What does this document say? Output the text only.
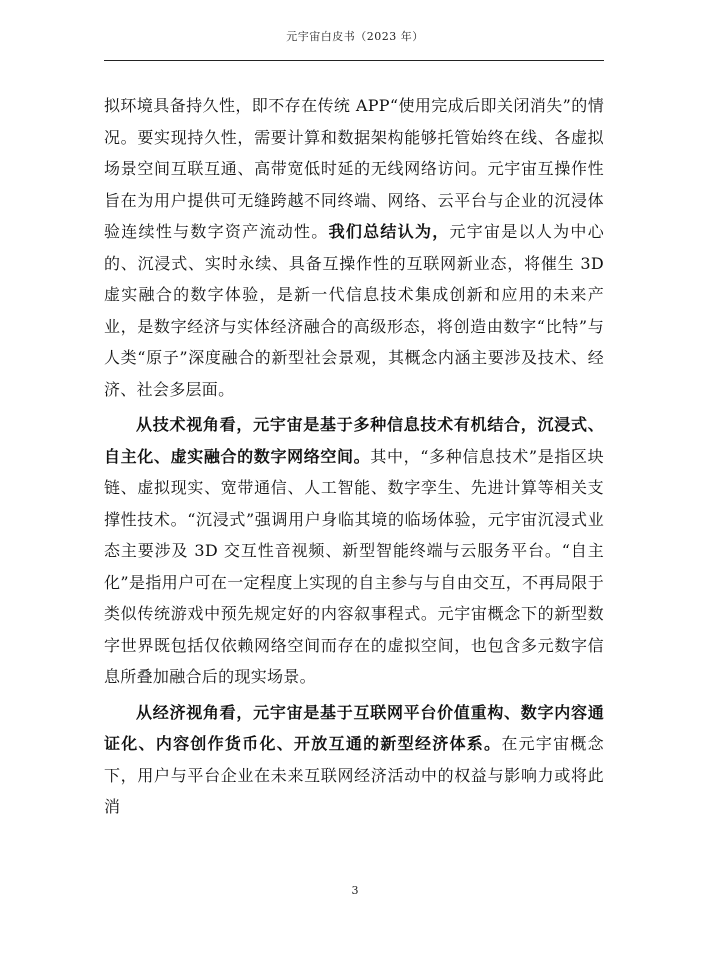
元宇宙白皮书（2023 年）

拟环境具备持久性，即不存在传统 APP“使用完成后即关闭消失”的情况。要实现持久性，需要计算和数据架构能够托管始终在线、各虚拟场景空间互联互通、高带宽低时延的无线网络访问。元宇宙互操作性旨在为用户提供可无缝跨越不同终端、网络、云平台与企业的沉浸体验连续性与数字资产流动性。我们总结认为，元宇宙是以人为中心的、沉浸式、实时永续、具备互操作性的互联网新业态，将催生 3D 虚实融合的数字体验，是新一代信息技术集成创新和应用的未来产业，是数字经济与实体经济融合的高级形态，将创造由数字“比特”与人类“原子”深度融合的新型社会景观，其概念内涵主要涉及技术、经济、社会多层面。

从技术视角看，元宇宙是基于多种信息技术有机结合，沉浸式、自主化、虚实融合的数字网络空间。其中，“多种信息技术”是指区块链、虚拟现实、宽带通信、人工智能、数字孪生、先进计算等相关支撑性技术。“沉浸式”强调用户身临其境的临场体验，元宇宙沉浸式业态主要涉及 3D 交互性音视频、新型智能终端与云服务平台。“自主化”是指用户可在一定程度上实现的自主参与与自由交互，不再局限于类似传统游戏中预先规定好的内容叙事程式。元宇宙概念下的新型数字世界既包括仅依赖网络空间而存在的虚拟空间，也包含多元数字信息所叠加融合后的现实场景。

从经济视角看，元宇宙是基于互联网平台价值重构、数字内容通证化、内容创作货币化、开放互通的新型经济体系。在元宇宙概念下，用户与平台企业在未来互联网经济活动中的权益与影响力或将此消

3
